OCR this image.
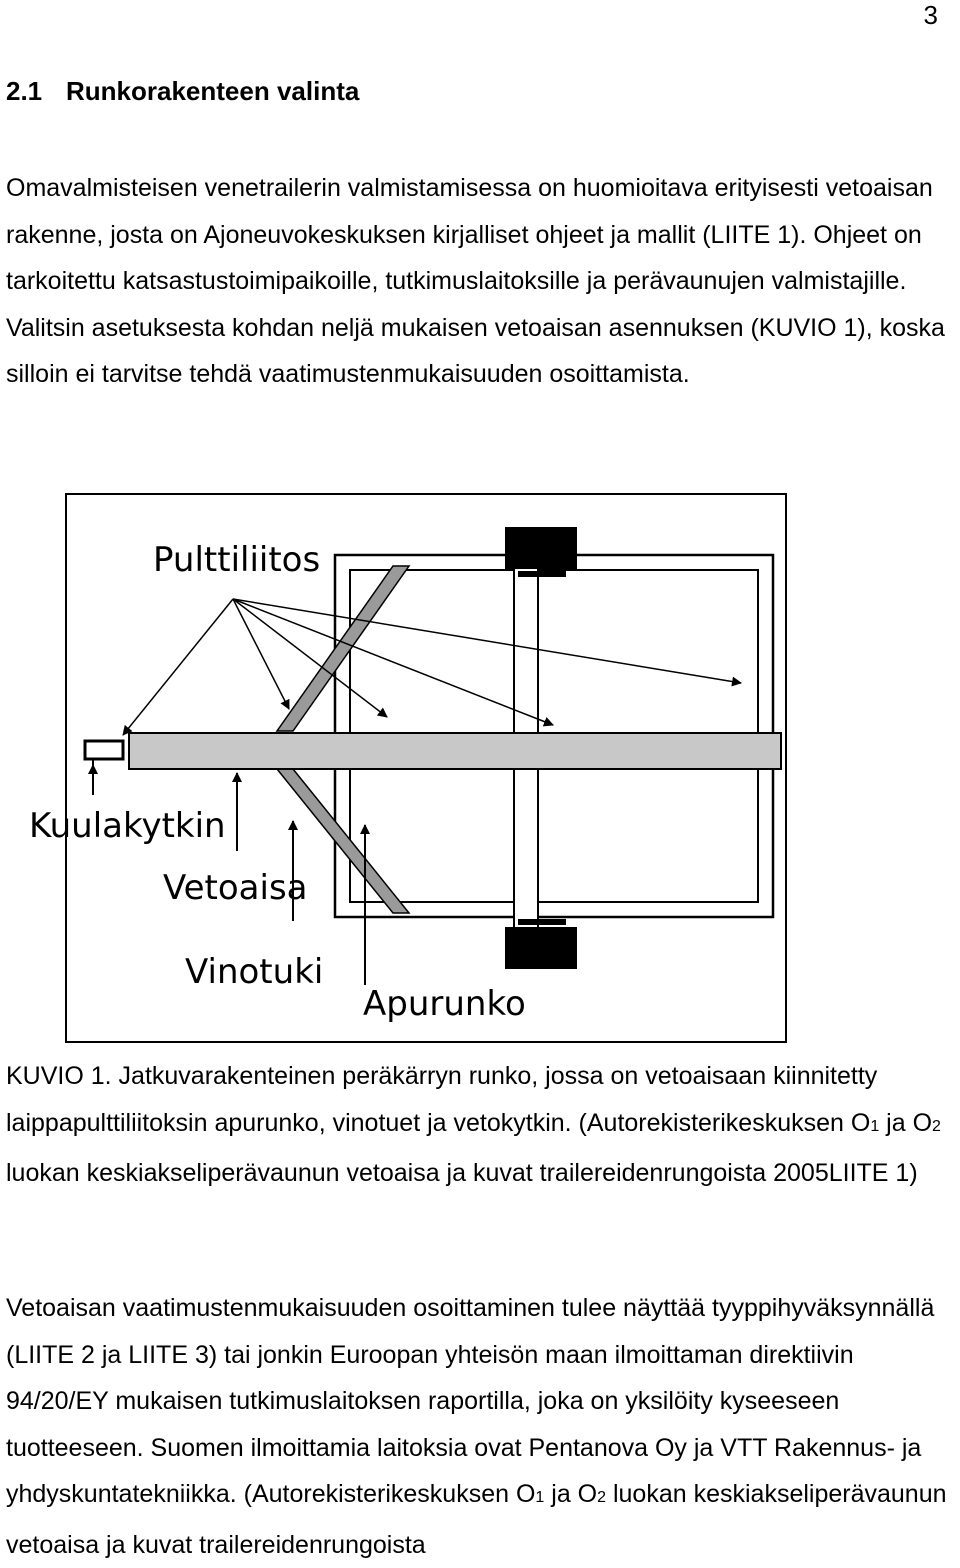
3
2.1 Runkorakenteen valinta

Omavalmisteisen venetrailerin valmistamisessa on huomioitava erityisesti vetoaisan rakenne, josta on Ajoneuvokeskuksen kirjalliset ohjeet ja mallit (LIITE 1). Ohjeet on tarkoitettu katsastustoimipaikoille, tutkimuslaitoksille ja perävaunujen valmistajille. Valitsin asetuksesta kohdan neljä mukaisen vetoaisan asennuksen (KUVIO 1), koska silloin ei tarvitse tehdä vaatimustenmukaisuuden osoittamista.

Pulttiliitos
Kuulakytkin
Vetoaisa
Vinotuki
Apurunko

KUVIO 1. Jatkuvarakenteinen peräkärryn runko, jossa on vetoaisaan kiinnitetty laippapulttiliitoksin apurunko, vinotuet ja vetokytkin. (Autorekisterikeskuksen O1 ja O2 luokan keskiakseliperävaunun vetoaisa ja kuvat trailereidenrungoista 2005LIITE 1)

Vetoaisan vaatimustenmukaisuuden osoittaminen tulee näyttää tyyppihyväksynnällä (LIITE 2 ja LIITE 3) tai jonkin Euroopan yhteisön maan ilmoittaman direktiivin 94/20/EY mukaisen tutkimuslaitoksen raportilla, joka on yksilöity kyseeseen tuotteeseen. Suomen ilmoittamia laitoksia ovat Pentanova Oy ja VTT Rakennus- ja yhdyskuntatekniikka. (Autorekisterikeskuksen O1 ja O2 luokan keskiakseliperävaunun vetoaisa ja kuvat trailereidenrungoista
